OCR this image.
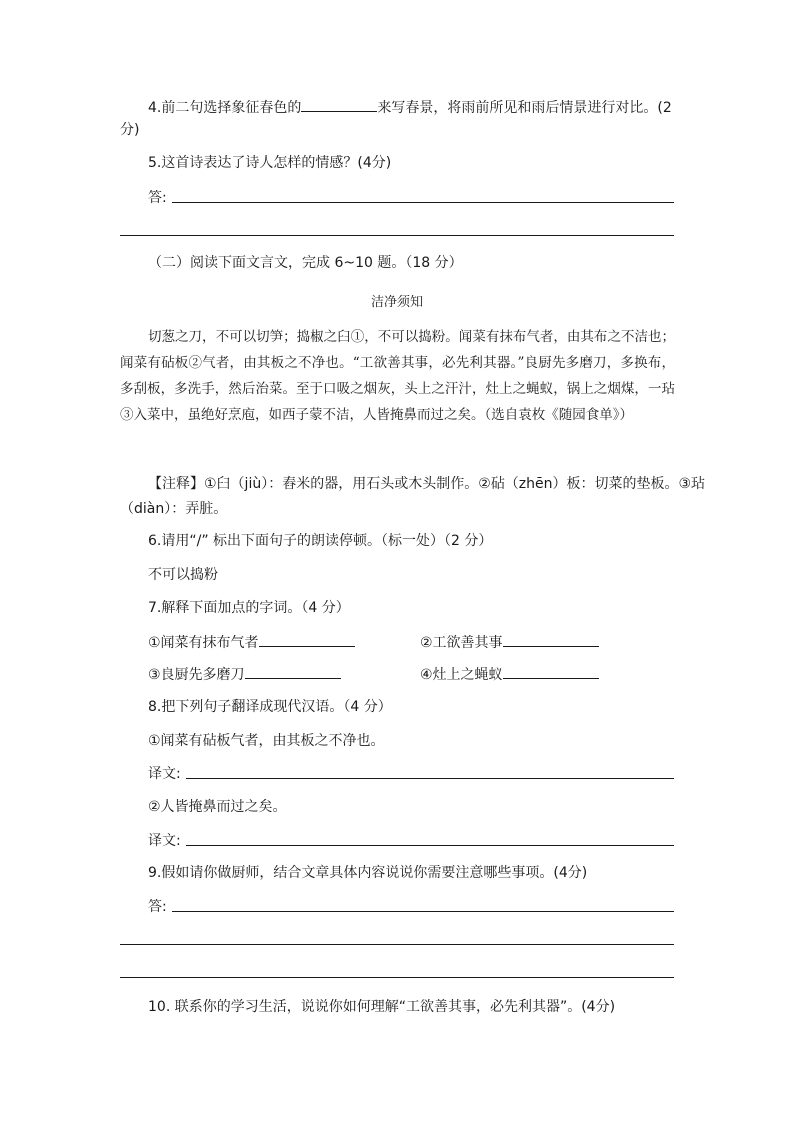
4.前二句选择象征春色的	来写春景，将雨前所见和雨后情景进行对比。(2
分)
5.这首诗表达了诗人怎样的情感？(4分)
答:
（二）阅读下面文言文，完成 6~10 题。（18 分）
洁净须知

切葱之刀，不可以切笋；捣椒之臼①，不可以捣粉。闻菜有抹布气者，由其布之不洁也；闻菜有砧板②气者，由其板之不净也。“工欲善其事，必先利其器。”良厨先多磨刀，多换布，多刮板，多洗手，然后治菜。至于口吸之烟灰，头上之汗汁，灶上之蝇蚁，锅上之烟煤，一玷③入菜中，虽绝好烹庖，如西子蒙不洁，人皆掩鼻而过之矣。（选自袁枚《随园食单》）

【注释】①臼（jiù）：舂米的器，用石头或木头制作。②砧（zhēn）板：切菜的垫板。③玷
（diàn）：弄脏。
6.请用“/” 标出下面句子的朗读停顿。（标一处）（2 分）
不可以捣粉
7.解释下面加点的字词。（4 分）
①闻菜有抹布气者	②工欲善其事
③良厨先多磨刀	④灶上之蝇蚁
8.把下列句子翻译成现代汉语。（4 分）
①闻菜有砧板气者，由其板之不净也。
译文:
②人皆掩鼻而过之矣。
译文:
9.假如请你做厨师，结合文章具体内容说说你需要注意哪些事项。(4分)
答:
10. 联系你的学习生活，说说你如何理解“工欲善其事，必先利其器”。(4分)
